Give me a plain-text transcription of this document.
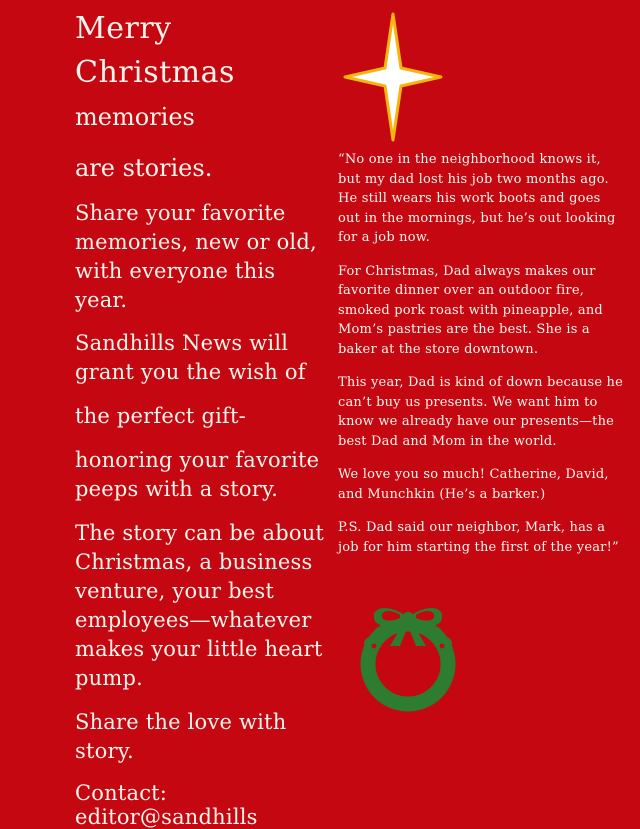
Merry
Christmas
memories
are stories.

Share your favorite memories, new or old, with everyone this year.

Sandhills News will grant you the wish of

the perfect gift-

honoring your favorite peeps with a story.

The story can be about Christmas, a business venture, your best employees—whatever makes your little heart pump.

Share the love with story.

Contact: editor@sandhills

“No one in the neighborhood knows it, but my dad lost his job two months ago. He still wears his work boots and goes out in the mornings, but he’s out looking for a job now.

For Christmas, Dad always makes our favorite dinner over an outdoor fire, smoked pork roast with pineapple, and Mom’s pastries are the best. She is a baker at the store downtown.

This year, Dad is kind of down because he can’t buy us presents. We want him to know we already have our presents—the best Dad and Mom in the world.

We love you so much! Catherine, David, and Munchkin (He’s a barker.)

P.S. Dad said our neighbor, Mark, has a job for him starting the first of the year!”
